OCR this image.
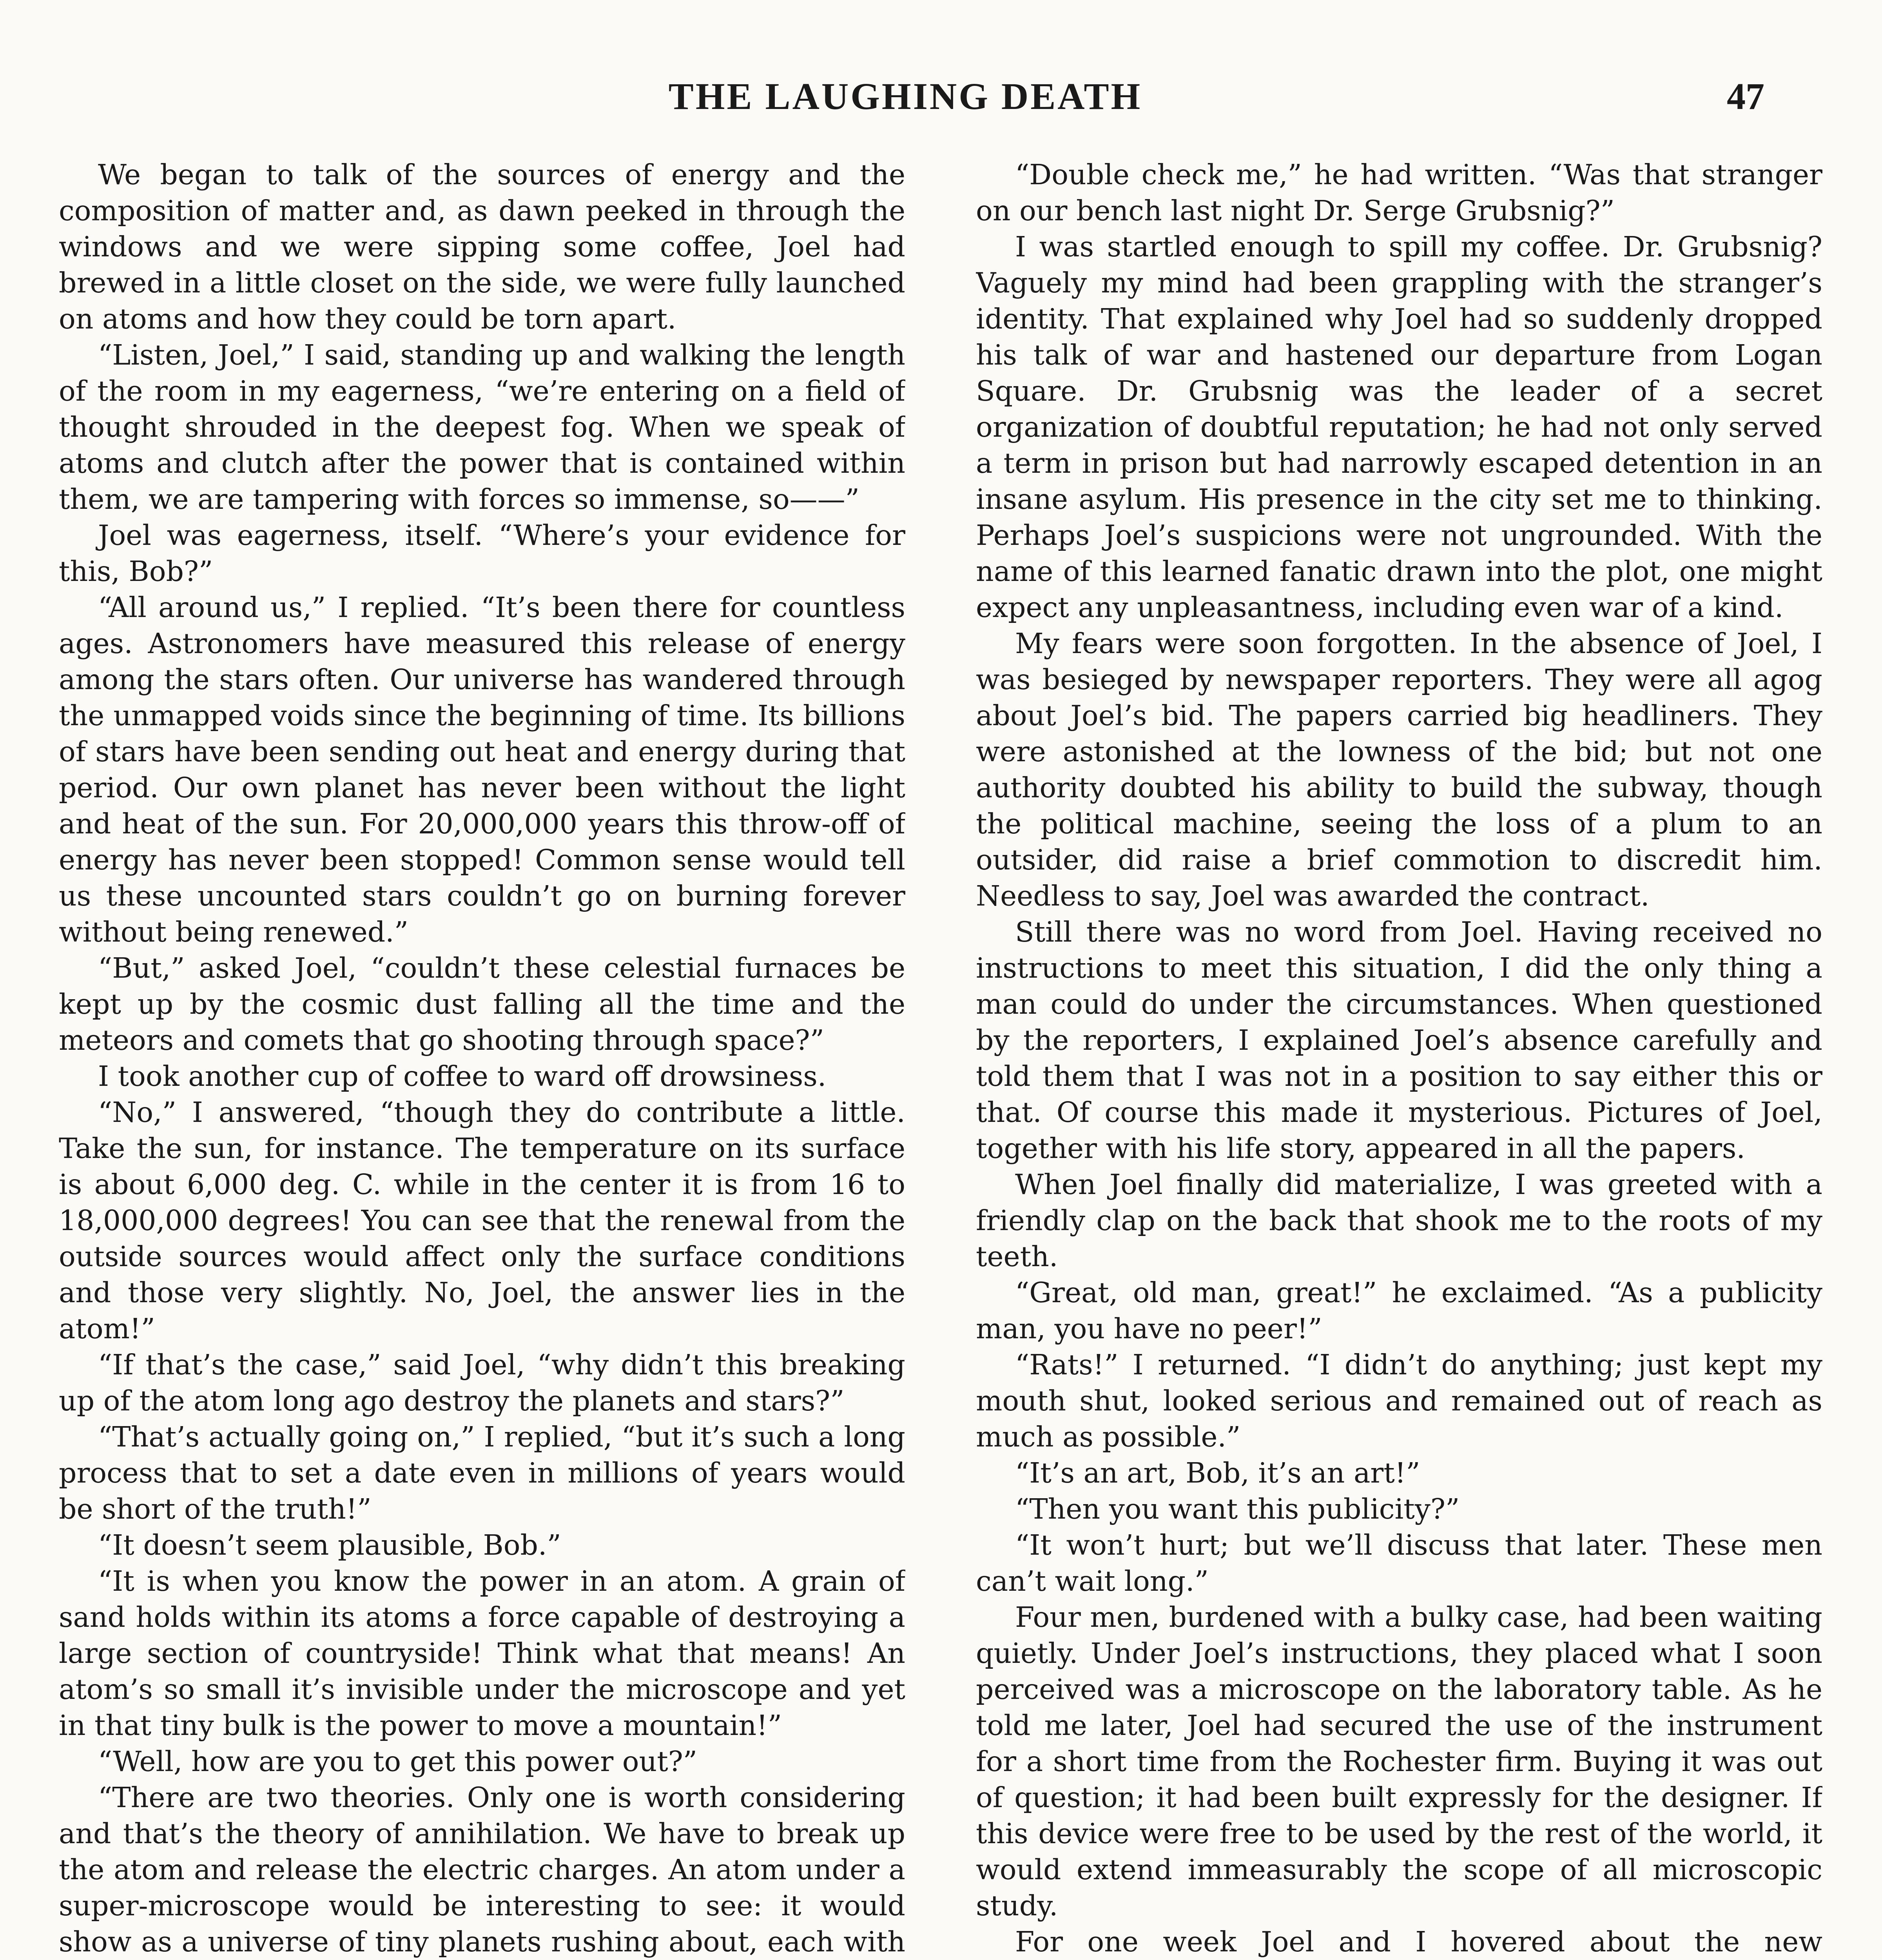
THE LAUGHING DEATH	47

We began to talk of the sources of energy and the composition of matter and, as dawn peeked in through the windows and we were sipping some coffee, Joel had brewed in a little closet on the side, we were fully launched on atoms and how they could be torn apart.

“Listen, Joel,” I said, standing up and walking the length of the room in my eagerness, “we’re entering on a field of thought shrouded in the deepest fog. When we speak of atoms and clutch after the power that is contained within them, we are tampering with forces so immense, so——”

Joel was eagerness, itself. “Where’s your evidence for this, Bob?”

“All around us,” I replied. “It’s been there for countless ages. Astronomers have measured this release of energy among the stars often. Our universe has wandered through the unmapped voids since the beginning of time. Its billions of stars have been sending out heat and energy during that period. Our own planet has never been without the light and heat of the sun. For 20,000,000 years this throw-off of energy has never been stopped! Common sense would tell us these uncounted stars couldn’t go on burning forever without being renewed.”

“But,” asked Joel, “couldn’t these celestial furnaces be kept up by the cosmic dust falling all the time and the meteors and comets that go shooting through space?”

I took another cup of coffee to ward off drowsiness.

“No,” I answered, “though they do contribute a little. Take the sun, for instance. The temperature on its surface is about 6,000 deg. C. while in the center it is from 16 to 18,000,000 degrees! You can see that the renewal from the outside sources would affect only the surface conditions and those very slightly. No, Joel, the answer lies in the atom!”

“If that’s the case,” said Joel, “why didn’t this breaking up of the atom long ago destroy the planets and stars?”

“That’s actually going on,” I replied, “but it’s such a long process that to set a date even in millions of years would be short of the truth!”

“It doesn’t seem plausible, Bob.”

“It is when you know the power in an atom. A grain of sand holds within its atoms a force capable of destroying a large section of countryside! Think what that means! An atom’s so small it’s invisible under the microscope and yet in that tiny bulk is the power to move a mountain!”

“Well, how are you to get this power out?”

“There are two theories. Only one is worth considering and that’s the theory of annihilation. We have to break up the atom and release the electric charges. An atom under a super-microscope would be interesting to see: it would show as a universe of tiny planets rushing about, each with

“Double check me,” he had written. “Was that stranger on our bench last night Dr. Serge Grubsnig?”

I was startled enough to spill my coffee. Dr. Grubsnig? Vaguely my mind had been grappling with the stranger’s identity. That explained why Joel had so suddenly dropped his talk of war and hastened our departure from Logan Square. Dr. Grubsnig was the leader of a secret organization of doubtful reputation; he had not only served a term in prison but had narrowly escaped detention in an insane asylum. His presence in the city set me to thinking. Perhaps Joel’s suspicions were not ungrounded. With the name of this learned fanatic drawn into the plot, one might expect any unpleasantness, including even war of a kind.

My fears were soon forgotten. In the absence of Joel, I was besieged by newspaper reporters. They were all agog about Joel’s bid. The papers carried big headliners. They were astonished at the lowness of the bid; but not one authority doubted his ability to build the subway, though the political machine, seeing the loss of a plum to an outsider, did raise a brief commotion to discredit him. Needless to say, Joel was awarded the contract.

Still there was no word from Joel. Having received no instructions to meet this situation, I did the only thing a man could do under the circumstances. When questioned by the reporters, I explained Joel’s absence carefully and told them that I was not in a position to say either this or that. Of course this made it mysterious. Pictures of Joel, together with his life story, appeared in all the papers.

When Joel finally did materialize, I was greeted with a friendly clap on the back that shook me to the roots of my teeth.

“Great, old man, great!” he exclaimed. “As a publicity man, you have no peer!”

“Rats!” I returned. “I didn’t do anything; just kept my mouth shut, looked serious and remained out of reach as much as possible.”

“It’s an art, Bob, it’s an art!”

“Then you want this publicity?”

“It won’t hurt; but we’ll discuss that later. These men can’t wait long.”

Four men, burdened with a bulky case, had been waiting quietly. Under Joel’s instructions, they placed what I soon perceived was a microscope on the laboratory table. As he told me later, Joel had secured the use of the instrument for a short time from the Rochester firm. Buying it was out of question; it had been built expressly for the designer. If this device were free to be used by the rest of the world, it would extend immeasurably the scope of all microscopic study.

For one week Joel and I hovered about the new
